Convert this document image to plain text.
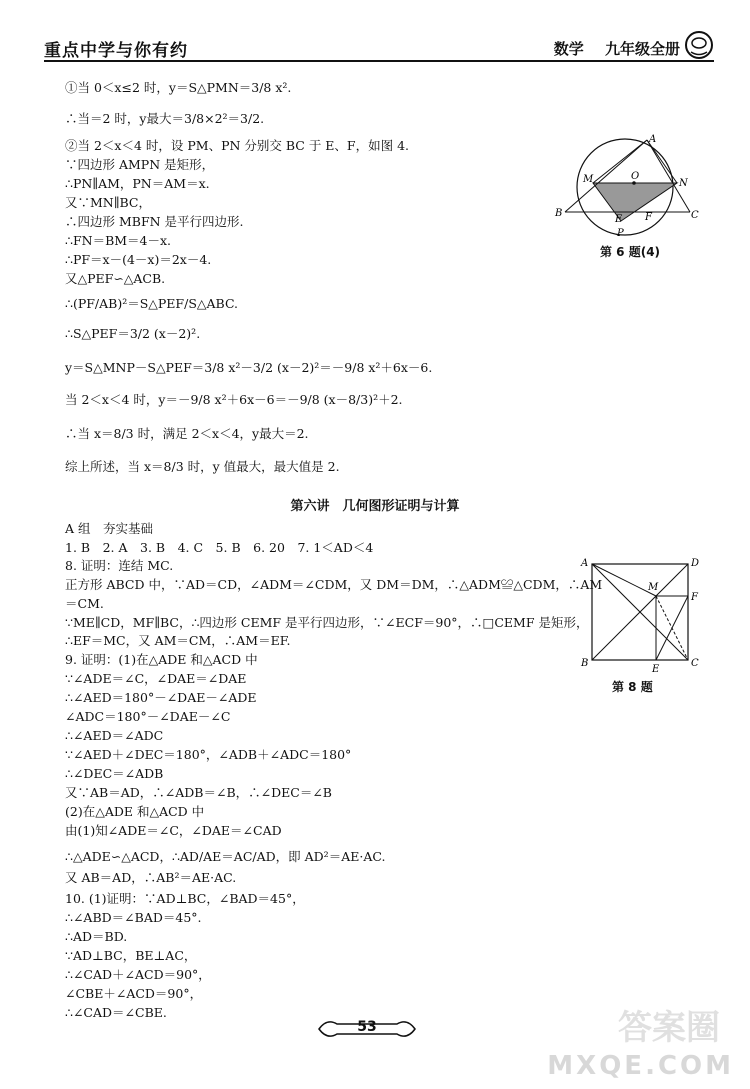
重点中学与你有约	数学 九年级全册
①当 0＜x≤2 时，y＝S△PMN＝3/8 x².
∴当＝2 时，y最大＝3/8×2²＝3/2.
②当 2＜x＜4 时，设 PM、PN 分别交 BC 于 E、F，如图 4.
∵四边形 AMPN 是矩形，
∴PN∥AM，PN＝AM＝x.
又∵MN∥BC，
∴四边形 MBFN 是平行四边形.
∴FN＝BM＝4－x.
∴PF＝x－(4－x)＝2x－4.
又△PEF∽△ACB.
∴(PF/AB)²＝S△PEF/S△ABC.
∴S△PEF＝3/2 (x－2)².
y＝S△MNP－S△PEF＝3/8 x²－3/2 (x－2)²＝－9/8 x²＋6x－6.
当 2＜x＜4 时，y＝－9/8 x²＋6x－6＝－9/8 (x－8/3)²＋2.
∴当 x＝8/3 时，满足 2＜x＜4，y最大＝2.
综上所述，当 x＝8/3 时，y 值最大，最大值是 2.
A
M	O
N
B
E F	C
P
第 6 题(4)
第六讲　几何图形证明与计算
A 组　夯实基础
1. B　2. A　3. B　4. C　5. B　6. 20　7. 1＜AD＜4
8. 证明：连结 MC.
正方形 ABCD 中，∵AD＝CD，∠ADM＝∠CDM，又 DM＝DM，∴△ADM≌△CDM，∴AM
＝CM.
∵ME∥CD，MF∥BC，∴四边形 CEMF 是平行四边形，∵∠ECF＝90°，∴□CEMF 是矩形，
∴EF＝MC，又 AM＝CM，∴AM＝EF.
9. 证明：(1)在△ADE 和△ACD 中
∵∠ADE＝∠C，∠DAE＝∠DAE
∴∠AED＝180°－∠DAE－∠ADE
∠ADC＝180°－∠DAE－∠C
∴∠AED＝∠ADC
∵∠AED＋∠DEC＝180°，∠ADB＋∠ADC＝180°
∴∠DEC＝∠ADB
又∵AB＝AD，∴∠ADB＝∠B，∴∠DEC＝∠B
(2)在△ADE 和△ACD 中
由(1)知∠ADE＝∠C，∠DAE＝∠CAD
∴△ADE∽△ACD，∴AD/AE＝AC/AD，即 AD²＝AE·AC.
又 AB＝AD，∴AB²＝AE·AC.
10. (1)证明：∵AD⊥BC，∠BAD＝45°，
∴∠ABD＝∠BAD＝45°.
∴AD＝BD.
∵AD⊥BC，BE⊥AC，
∴∠CAD＋∠ACD＝90°，
∠CBE＋∠ACD＝90°，
∴∠CAD＝∠CBE.
A	D
M
F
B
E
C
第 8 题
53	答案圈
MXQE.COM
